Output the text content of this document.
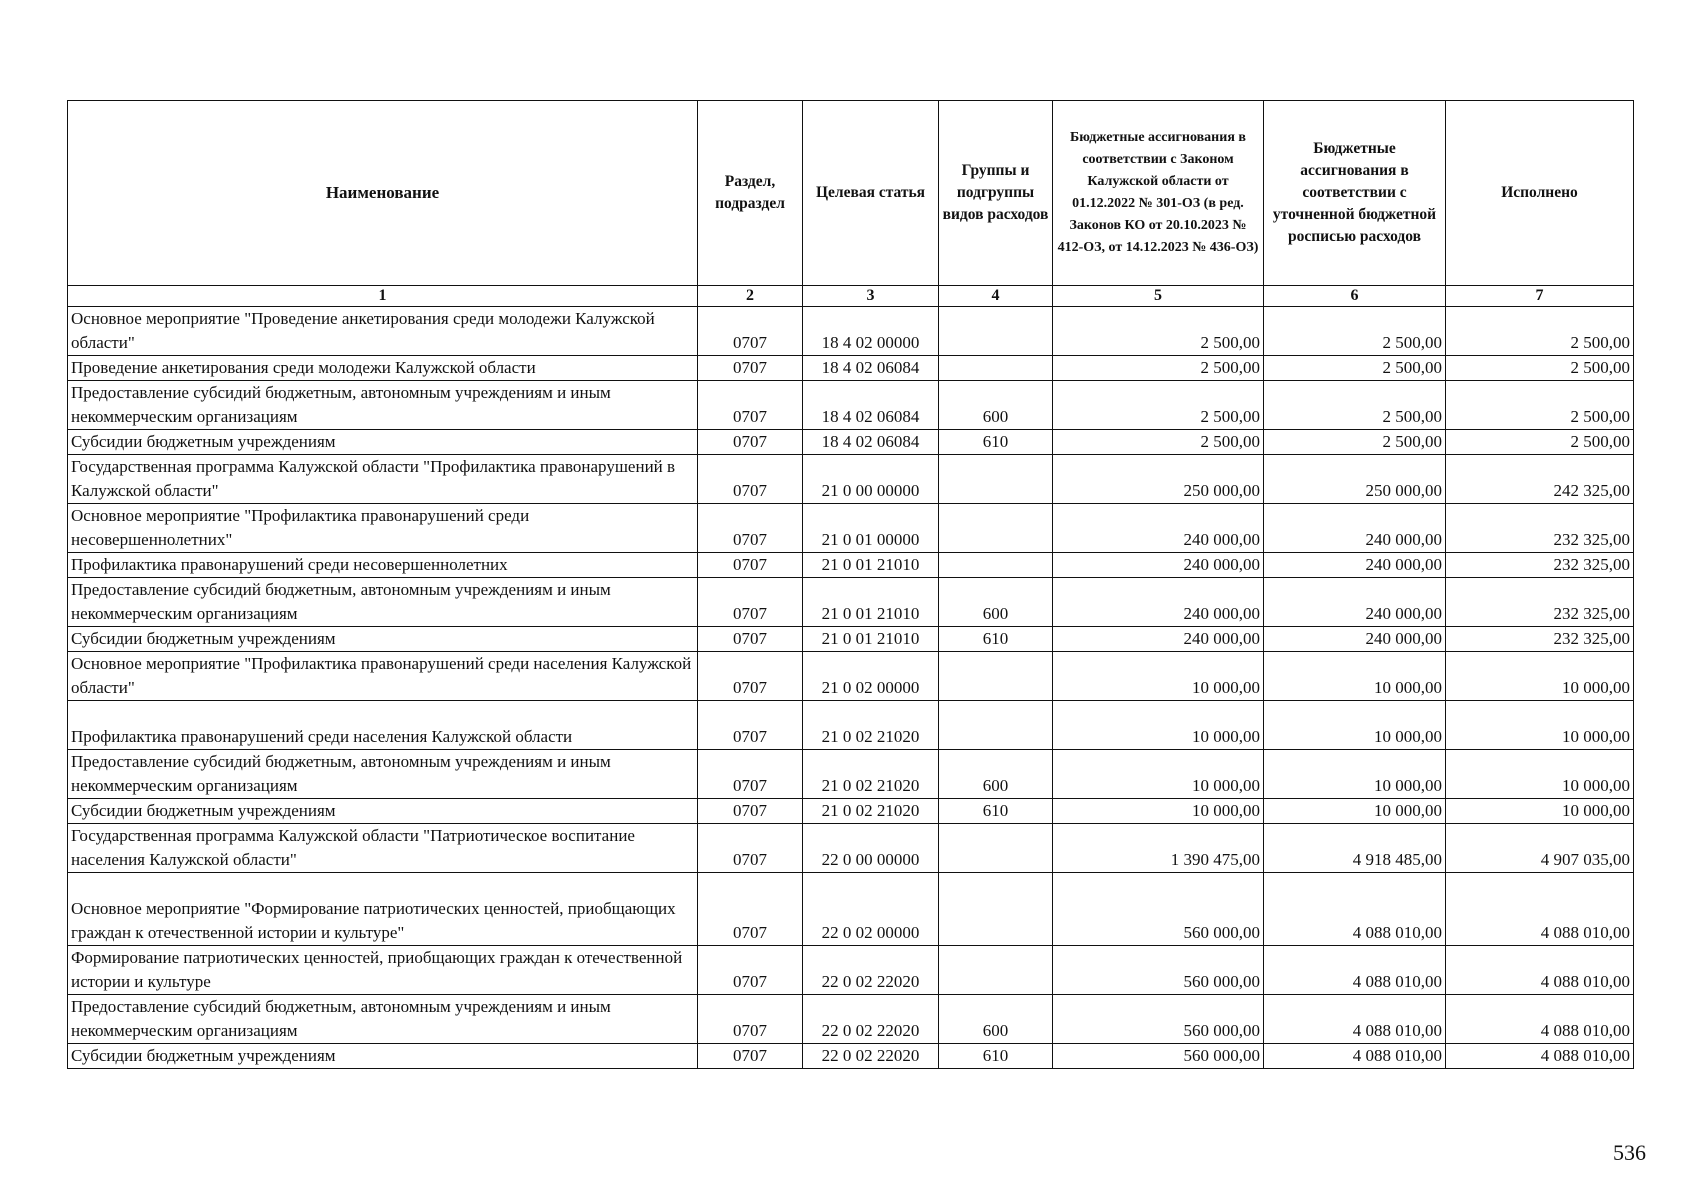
Наименование	Раздел, подраздел	Целевая статья	Группы и подгруппы видов расходов	Бюджетные ассигнования в соответствии с Законом Калужской области от 01.12.2022 № 301-ОЗ (в ред. Законов КО от 20.10.2023 № 412-ОЗ, от 14.12.2023 № 436-ОЗ)	Бюджетные ассигнования в соответствии с уточненной бюджетной росписью расходов	Исполнено
1	2	3	4	5	6	7
Основное мероприятие "Проведение анкетирования среди молодежи Калужской области"	0707	18 4 02 00000		2 500,00	2 500,00	2 500,00
Проведение анкетирования среди молодежи Калужской области	0707	18 4 02 06084		2 500,00	2 500,00	2 500,00
Предоставление субсидий бюджетным, автономным учреждениям и иным некоммерческим организациям	0707	18 4 02 06084	600	2 500,00	2 500,00	2 500,00
Субсидии бюджетным учреждениям	0707	18 4 02 06084	610	2 500,00	2 500,00	2 500,00
Государственная программа Калужской области "Профилактика правонарушений в Калужской области"	0707	21 0 00 00000		250 000,00	250 000,00	242 325,00
Основное мероприятие "Профилактика правонарушений среди несовершеннолетних"	0707	21 0 01 00000		240 000,00	240 000,00	232 325,00
Профилактика правонарушений среди несовершеннолетних	0707	21 0 01 21010		240 000,00	240 000,00	232 325,00
Предоставление субсидий бюджетным, автономным учреждениям и иным некоммерческим организациям	0707	21 0 01 21010	600	240 000,00	240 000,00	232 325,00
Субсидии бюджетным учреждениям	0707	21 0 01 21010	610	240 000,00	240 000,00	232 325,00
Основное мероприятие "Профилактика правонарушений среди населения Калужской области"	0707	21 0 02 00000		10 000,00	10 000,00	10 000,00
Профилактика правонарушений среди населения Калужской области	0707	21 0 02 21020		10 000,00	10 000,00	10 000,00
Предоставление субсидий бюджетным, автономным учреждениям и иным некоммерческим организациям	0707	21 0 02 21020	600	10 000,00	10 000,00	10 000,00
Субсидии бюджетным учреждениям	0707	21 0 02 21020	610	10 000,00	10 000,00	10 000,00
Государственная программа Калужской области "Патриотическое воспитание населения Калужской области"	0707	22 0 00 00000		1 390 475,00	4 918 485,00	4 907 035,00
Основное мероприятие "Формирование патриотических ценностей, приобщающих граждан к отечественной истории и культуре"	0707	22 0 02 00000		560 000,00	4 088 010,00	4 088 010,00
Формирование патриотических ценностей, приобщающих граждан к отечественной истории и культуре	0707	22 0 02 22020		560 000,00	4 088 010,00	4 088 010,00
Предоставление субсидий бюджетным, автономным учреждениям и иным некоммерческим организациям	0707	22 0 02 22020	600	560 000,00	4 088 010,00	4 088 010,00
Субсидии бюджетным учреждениям	0707	22 0 02 22020	610	560 000,00	4 088 010,00	4 088 010,00
536
